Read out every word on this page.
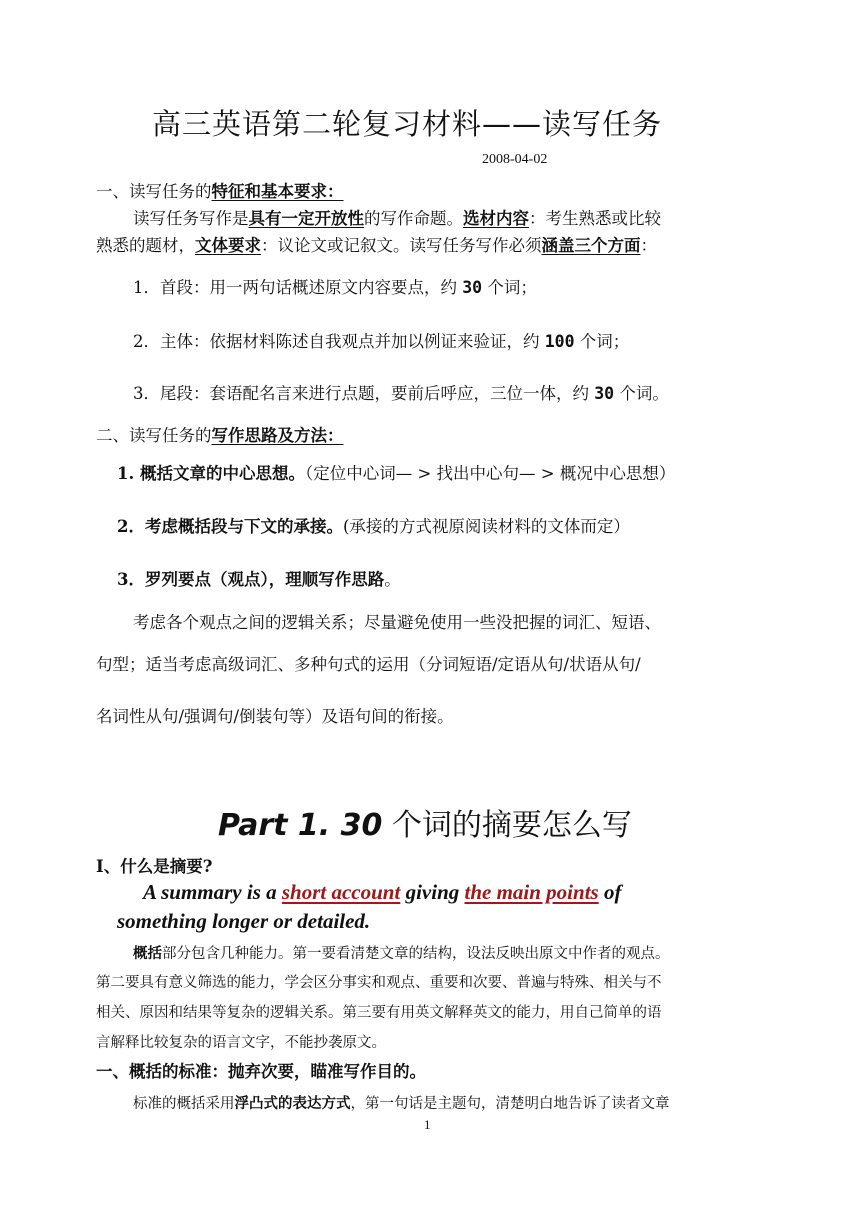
高三英语第二轮复习材料——读写任务
2008-04-02
一、读写任务的特征和基本要求：
读写任务写作是具有一定开放性的写作命题。选材内容：考生熟悉或比较
熟悉的题材，文体要求：议论文或记叙文。读写任务写作必须涵盖三个方面：
1．首段：用一两句话概述原文内容要点，约 30 个词；
2．主体：依据材料陈述自我观点并加以例证来验证，约 100 个词；
3．尾段：套语配名言来进行点题，要前后呼应，三位一体，约 30 个词。
二、读写任务的写作思路及方法：
1. 概括文章的中心思想。（定位中心词— > 找出中心句— > 概况中心思想）
2．考虑概括段与下文的承接。(承接的方式视原阅读材料的文体而定）
3．罗列要点（观点），理顺写作思路。
考虑各个观点之间的逻辑关系；尽量避免使用一些没把握的词汇、短语、
句型；适当考虑高级词汇、多种句式的运用（分词短语/定语从句/状语从句/
名词性从句/强调句/倒装句等）及语句间的衔接。
Part 1. 30 个词的摘要怎么写
Ⅰ、什么是摘要?
A summary is a short account giving the main points of
something longer or detailed.
概括部分包含几种能力。第一要看清楚文章的结构，设法反映出原文中作者的观点。
第二要具有意义筛选的能力，学会区分事实和观点、重要和次要、普遍与特殊、相关与不
相关、原因和结果等复杂的逻辑关系。第三要有用英文解释英文的能力，用自己简单的语
言解释比较复杂的语言文字，不能抄袭原文。
一、概括的标准：抛弃次要，瞄准写作目的。
标准的概括采用浮凸式的表达方式，第一句话是主题句，清楚明白地告诉了读者文章
1
